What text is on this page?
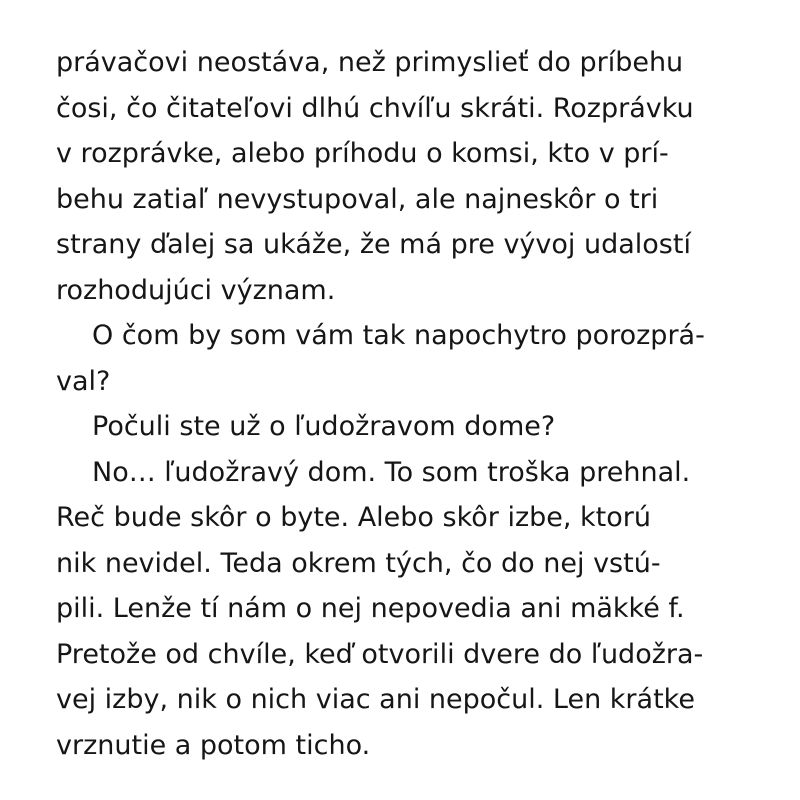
právačovi neostáva, než primyslieť do príbehu
čosi, čo čitateľovi dlhú chvíľu skráti. Rozprávku
v rozprávke, alebo príhodu o komsi, kto v prí-
behu zatiaľ nevystupoval, ale najneskôr o tri
strany ďalej sa ukáže, že má pre vývoj udalostí
rozhodujúci význam.
O čom by som vám tak napochytro porozprá-
val?
Počuli ste už o ľudožravom dome?
No… ľudožravý dom. To som troška prehnal.
Reč bude skôr o byte. Alebo skôr izbe, ktorú
nik nevidel. Teda okrem tých, čo do nej vstú-
pili. Lenže tí nám o nej nepovedia ani mäkké f.
Pretože od chvíle, keď otvorili dvere do ľudožra-
vej izby, nik o nich viac ani nepočul. Len krátke
vrznutie a potom ticho.
